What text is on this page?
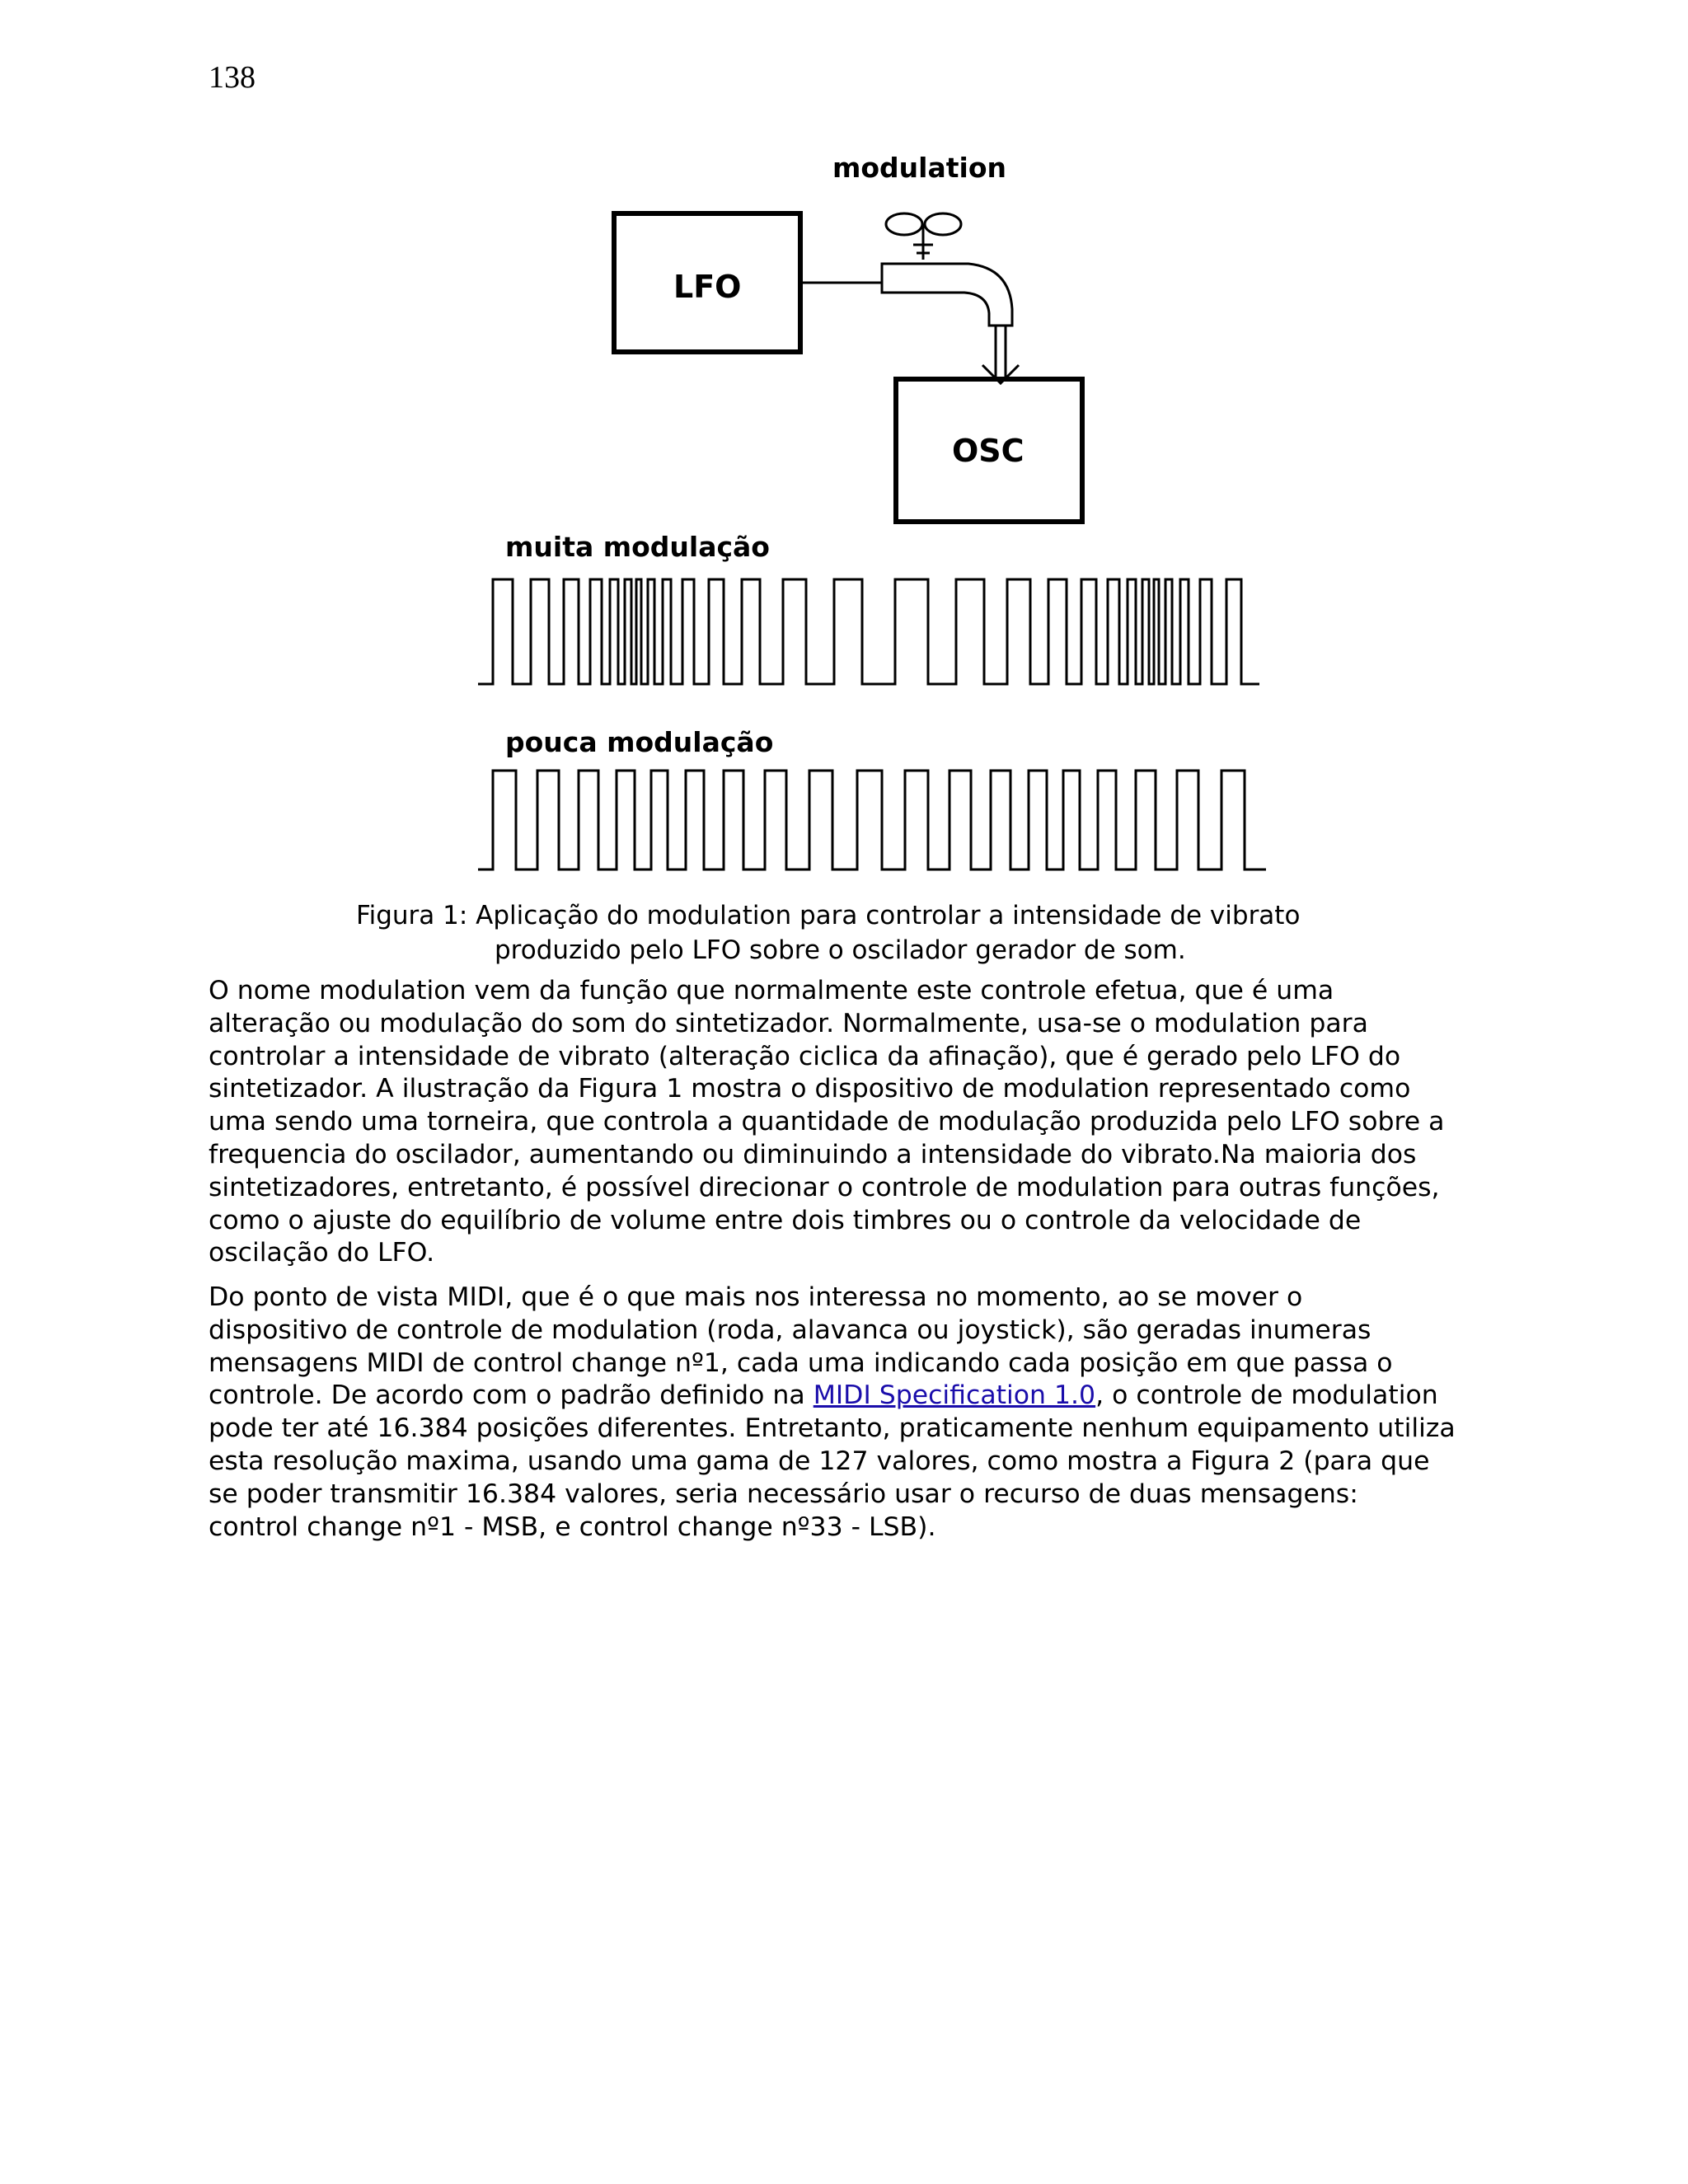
138
modulation
LFO
OSC
muita modulação
pouca modulação
Figura 1: Aplicação do modulation para controlar a intensidade de vibrato
produzido pelo LFO sobre o oscilador gerador de som.
O nome modulation vem da função que normalmente este controle efetua, que é uma
alteração ou modulação do som do sintetizador. Normalmente, usa-se o modulation para
controlar a intensidade de vibrato (alteração ciclica da afinação), que é gerado pelo LFO do
sintetizador. A ilustração da Figura 1 mostra o dispositivo de modulation representado como
uma sendo uma torneira, que controla a quantidade de modulação produzida pelo LFO sobre a
frequencia do oscilador, aumentando ou diminuindo a intensidade do vibrato.Na maioria dos
sintetizadores, entretanto, é possível direcionar o controle de modulation para outras funções,
como o ajuste do equilíbrio de volume entre dois timbres ou o controle da velocidade de
oscilação do LFO.
Do ponto de vista MIDI, que é o que mais nos interessa no momento, ao se mover o
dispositivo de controle de modulation (roda, alavanca ou joystick), são geradas inumeras
mensagens MIDI de control change nº1, cada uma indicando cada posição em que passa o
controle. De acordo com o padrão definido na MIDI Specification 1.0, o controle de modulation
pode ter até 16.384 posições diferentes. Entretanto, praticamente nenhum equipamento utiliza
esta resolução maxima, usando uma gama de 127 valores, como mostra a Figura 2 (para que
se poder transmitir 16.384 valores, seria necessário usar o recurso de duas mensagens:
control change nº1 - MSB, e control change nº33 - LSB).
